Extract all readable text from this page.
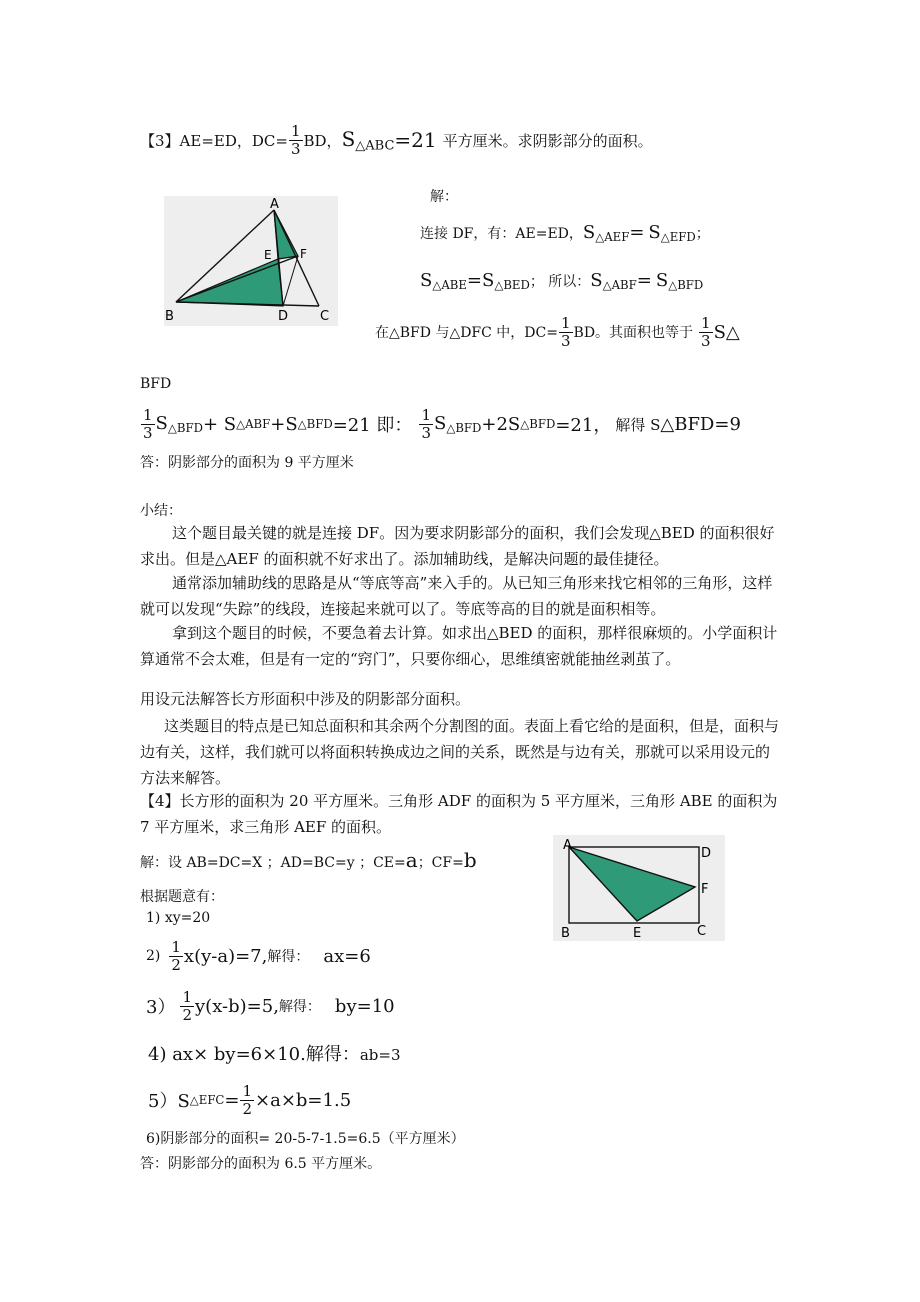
【3】 AE=ED，$DC= \frac{1}{3}$ BD， $S_{\triangle ABC} =21$ 平方厘米。求阴影部分的面积。
A
B	C
D
E F
解：
连接 DF，有：AE=ED， $S_{\triangle AEF} = S_{\triangle EFD}$ ；
$S_{\triangle ABE} = S_{\triangle BED}$ ； 所以： $S_{\triangle ABF} = S_{\triangle BFD}$
在△BFD 与△DFC 中，$DC= \frac{1}{3}$ BD。其面积也等于 $\frac{1}{3}$ S△
BFD
$\frac{1}{3} S_{\triangle BFD} + S$ △ABF +S △BFD =21 即： $\frac{1}{3} S_{\triangle BFD} +2S$ △BFD =21， 解得 S △BFD =9
答：阴影部分的面积为 9 平方厘米
小结：
这个题目最关键的就是连接 DF。因为要求阴影部分的面积，我们会发现△BED 的面积很好求出。但是△AEF 的面积就不好求出了。添加辅助线，是解决问题的最佳捷径。
通常添加辅助线的思路是从“等底等高”来入手的。从已知三角形来找它相邻的三角形，这样就可以发现“失踪”的线段，连接起来就可以了。等底等高的目的就是面积相等。
拿到这个题目的时候，不要急着去计算。如求出△BED 的面积，那样很麻烦的。小学面积计算通常不会太难，但是有一定的“窍门”，只要你细心，思维缜密就能抽丝剥茧了。
用设元法解答长方形面积中涉及的阴影部分面积。
这类题目的特点是已知总面积和其余两个分割图的面。表面上看它给的是面积，但是，面积与边有关，这样，我们就可以将面积转换成边之间的关系，既然是与边有关，那就可以采用设元的方法来解答。
【4】长方形的面积为 20 平方厘米。三角形 ADF 的面积为 5 平方厘米，三角形 ABE 的面积为 7 平方厘米，求三角形 AEF 的面积。
A
D
B	E	C
F
解：设 AB=DC=X ；AD=BC=y ；CE= a ；CF= b
根据题意有：
1) xy=20
$2) \frac{1}{2} x(y-a)=7$, 解得： ax=6
$3) \frac{1}{2} y(x-b)=5$, 解得： by=10
4) ax× by=6×10.解得：ab=3
5）S △EFC = $\frac{1}{2} \times a\times b=1.5$
6)阴影部分的面积= 20-5-7-1.5=6.5（平方厘米）
答：阴影部分的面积为 6.5 平方厘米。
